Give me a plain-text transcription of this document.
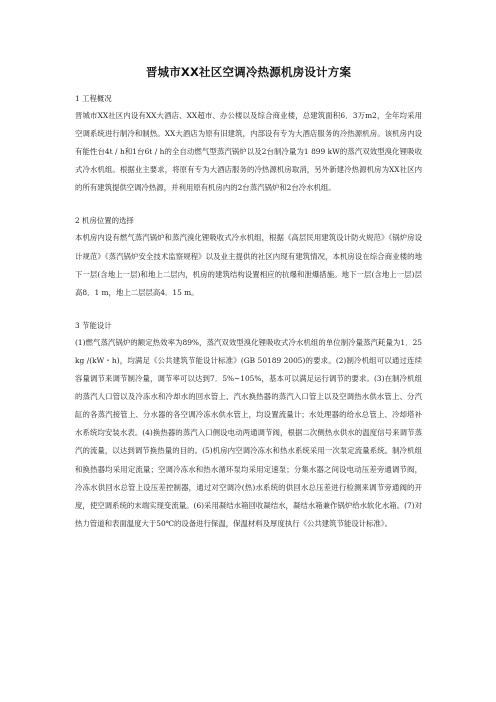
晋城市XX社区空调冷热源机房设计方案

1 工程概况

晋城市XX社区内设有XX大酒店、XX超市、办公楼以及综合商业楼，总建筑面积6．3万m2，全年均采用空调系统进行制冷和制热。XX大酒店为原有旧建筑，内部设有专为大酒店服务的冷热源机房。该机房内设有能性台4t / h和1台6t / h的全自动燃气型蒸汽锅炉以及2台制冷量为1 899 kW的蒸汽双效型溴化锂吸收式冷水机组。根据业主要求，将原有专为大酒店服务的冷热源机房取消，另外新建冷热源机房为XX社区内的所有建筑提供空调冷热源，并利用原有机房内的2台蒸汽锅炉和2台冷水机组。

2 机房位置的选择

本机房内设有燃气蒸汽锅炉和蒸汽溴化锂吸收式冷水机组，根据《高层民用建筑设计防火规范》《锅炉房设计规范》《蒸汽锅炉安全技术监察规程》以及业主提供的社区内现有建筑情况，本机房设在综合商业楼的地下一层(含地上一层)和地上二层内，机房的建筑结构设置相应的抗爆和泄爆措施。地下一层(含地上一层)层高8．1 m，地上二层层高4．15 m。

3 节能设计

(1)燃气蒸汽锅炉的额定热效率为89%，蒸汽双效型溴化锂吸收式冷水机组的单位制冷量蒸汽耗量为1．25 kg /(kW・h)，均满足《公共建筑节能设计标准》(GB 50189 2005)的要求。(2)制冷机组可以通过连续容量调节来调节制冷量，调节率可以达到7．5%~105%，基本可以满足运行调节的要求。(3)在制冷机组的蒸汽人口管以及冷冻水和冷却水的回水管上、汽水换热器的蒸汽入口管上以及空调热水供水管上、分汽缸的各蒸汽接管上、分水器的各空调冷冻水供水管上，均设置流量计；水处理器的给水总管上、冷却塔补水系统均安装水表。(4)换热器的蒸汽入口侧设电动两通调节阀，根据二次侧热水供水的温度信号来调节蒸汽的流量，以达到调节换热量的目的。(5)机房内空调冷冻水和热水系统采用一次泵定流量系统。制冷机组和换热器均采用定流量；空调冷冻水和热水循环泵均采用定速泵；分集水器之间设电动压差旁通调节阀，冷冻水供回水总管上设压差控制器，通过对空调冷(热)水系统的供回水总压差进行检测来调节旁通阀的开度，使空调系统的末端实现变流量。(6)采用凝结水箱回收凝结水，凝结水箱兼作锅炉给水软化水箱。(7)对热力管道和表面温度大于50℃的设备进行保温，保温材料及厚度执行《公共建筑节能设计标准》。
